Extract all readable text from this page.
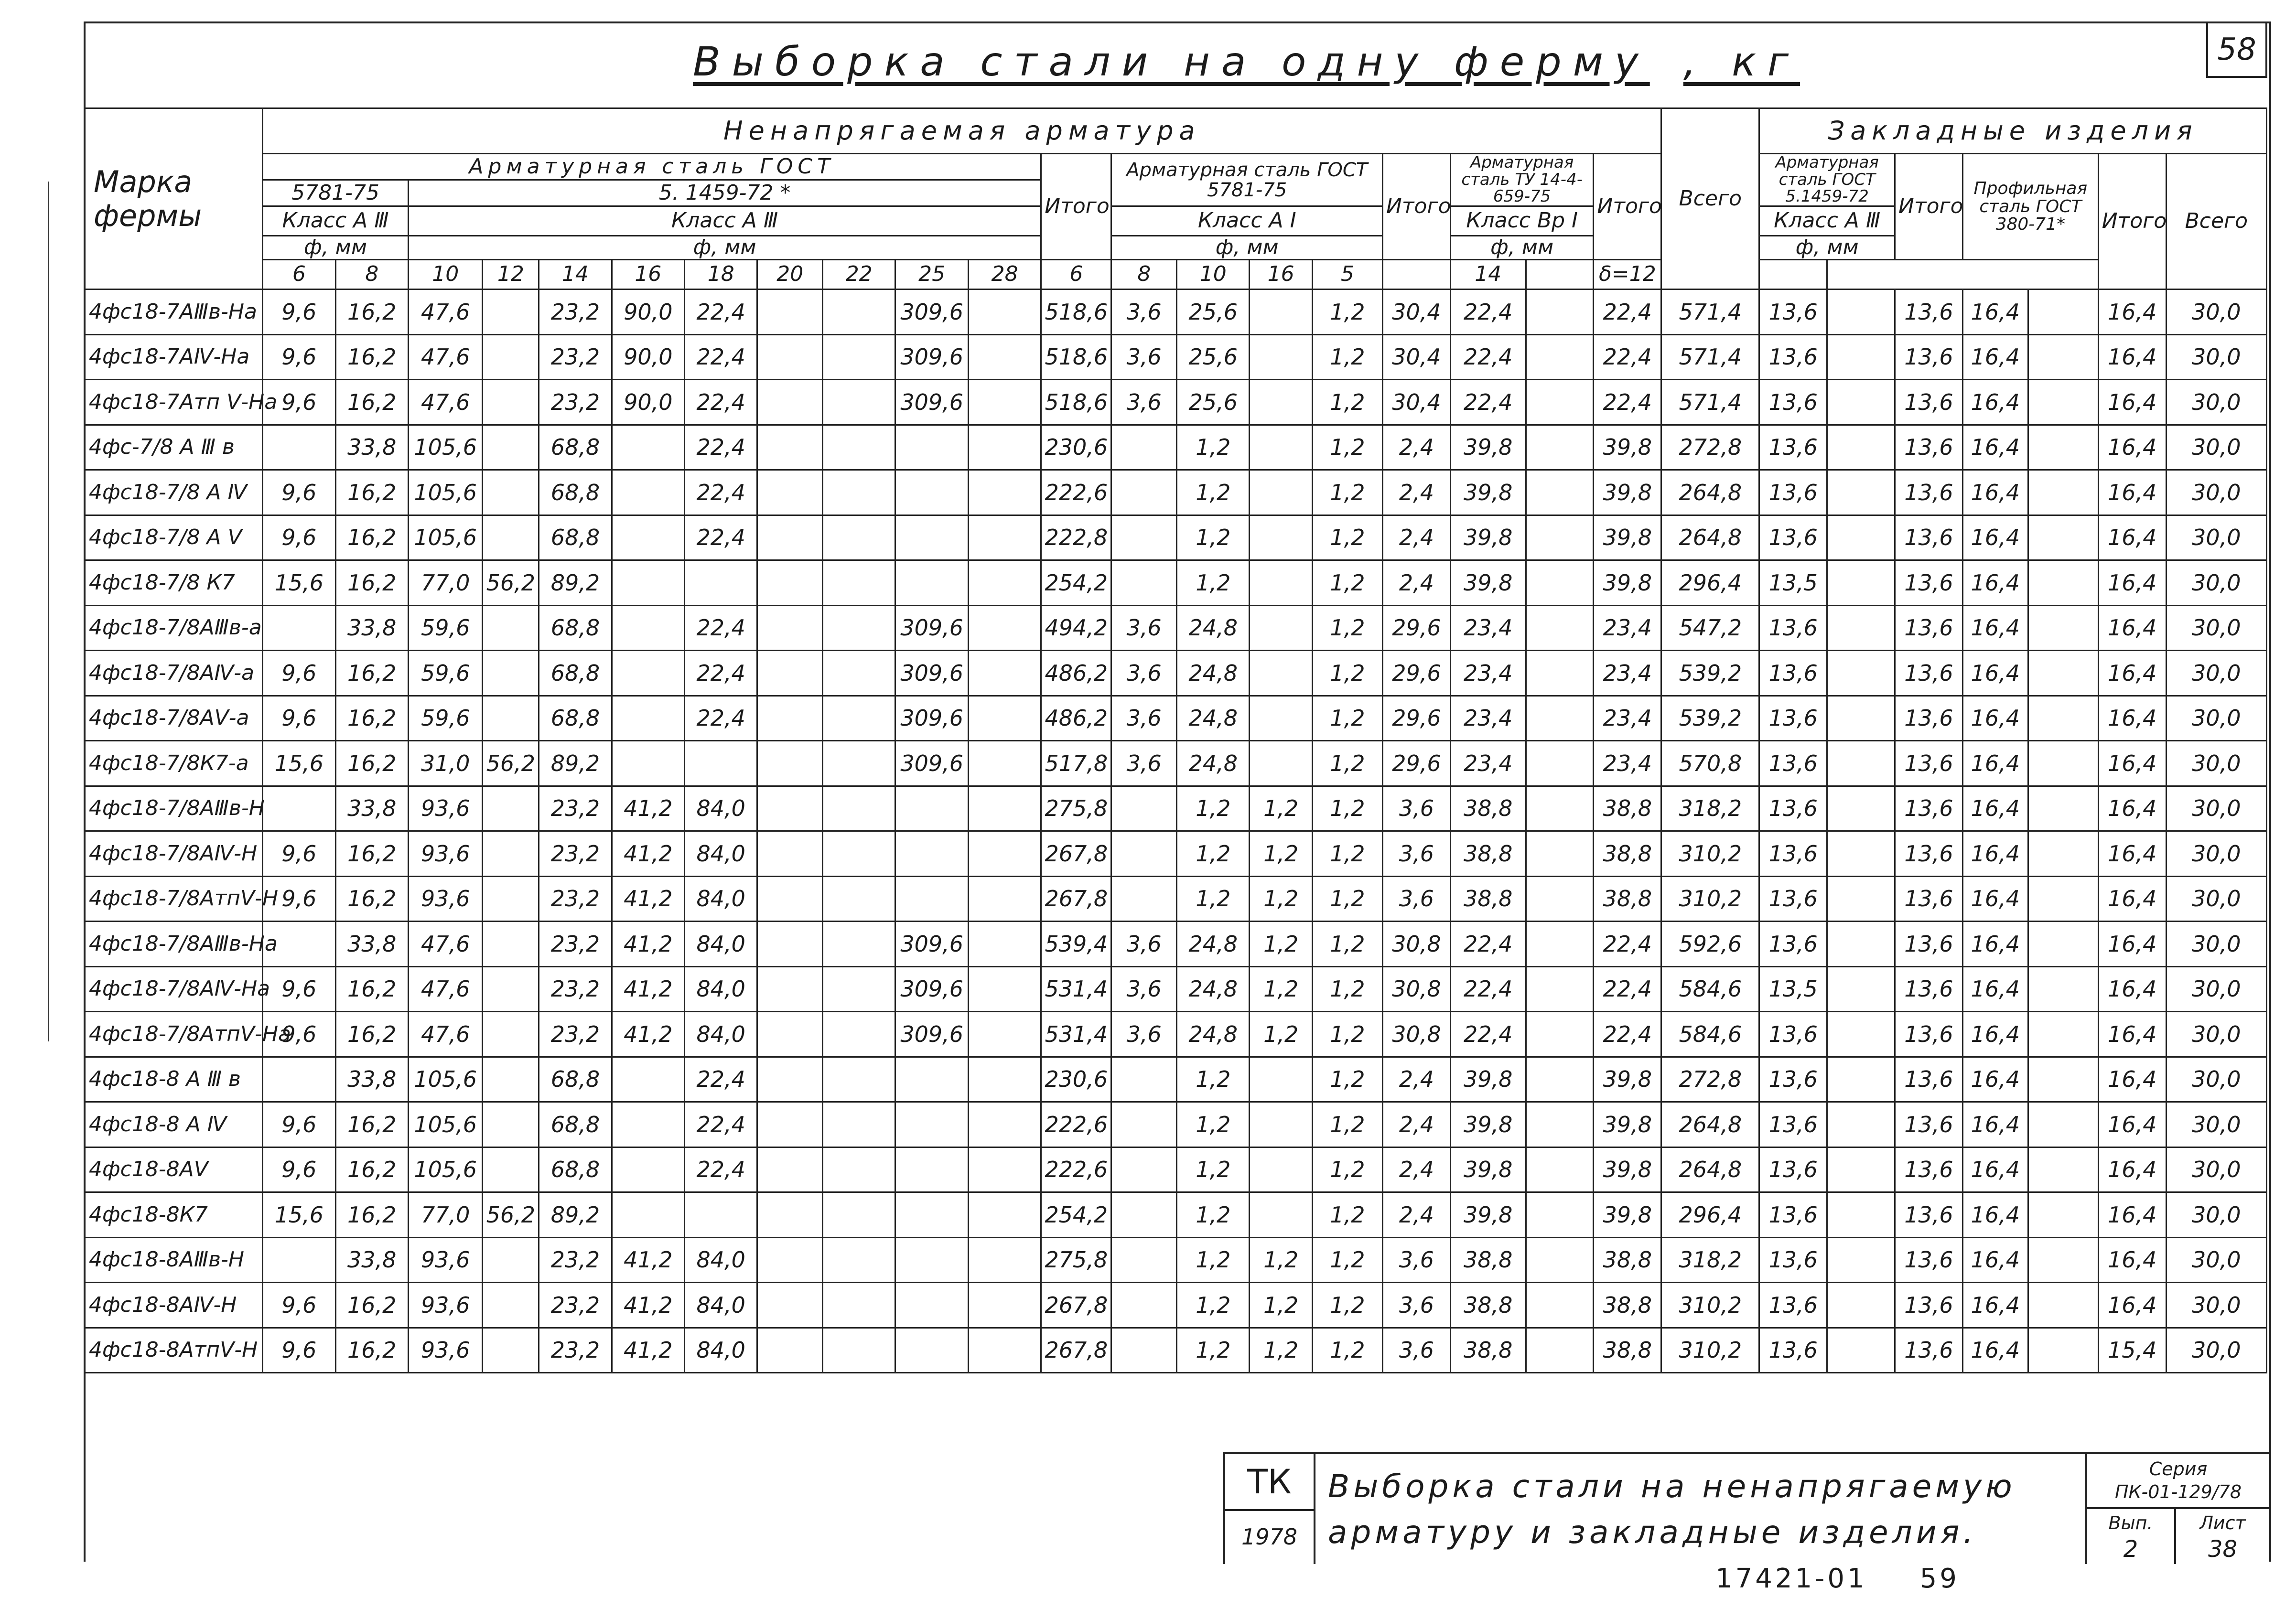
58
Выборка стали на одну ферму , кг
Марка фермы	Ненапрягаемая арматура																				Всего	Закладные изделия						
	Арматурная сталь ГОСТ											Итого	Арматурная сталь ГОСТ 5781-75				Итого	Арматурная сталь ТУ 14-4-659-75		Итого		Арматурная сталь ГОСТ 5.1459-72		Итого	Профильная сталь ГОСТ 380-71*		Итого	Всего
	5781-75		5. 1459-72 *																									
	Класс А Ⅲ		Класс А Ⅲ										Класс А Ⅰ					Класс Вр Ⅰ				Класс А Ⅲ						
	ф, мм		ф, мм										ф, мм					ф, мм				ф, мм						
	6	8	10	12	14	16	18	20	22	25	28	6	8	10	16	5		14		δ=12								
4фс18-7АⅢв-На	9,6	16,2	47,6		23,2	90,0	22,4			309,6		518,6	3,6	25,6		1,2	30,4	22,4		22,4	571,4	13,6		13,6	16,4		16,4	30,0
4фс18-7АⅣ-На	9,6	16,2	47,6		23,2	90,0	22,4			309,6		518,6	3,6	25,6		1,2	30,4	22,4		22,4	571,4	13,6		13,6	16,4		16,4	30,0
4фс18-7Атп Ⅴ-На	9,6	16,2	47,6		23,2	90,0	22,4			309,6		518,6	3,6	25,6		1,2	30,4	22,4		22,4	571,4	13,6		13,6	16,4		16,4	30,0
4фс-7/8 А Ⅲ в		33,8	105,6		68,8		22,4					230,6		1,2		1,2	2,4	39,8		39,8	272,8	13,6		13,6	16,4		16,4	30,0
4фс18-7/8 А Ⅳ	9,6	16,2	105,6		68,8		22,4					222,6		1,2		1,2	2,4	39,8		39,8	264,8	13,6		13,6	16,4		16,4	30,0
4фс18-7/8 А Ⅴ	9,6	16,2	105,6		68,8		22,4					222,8		1,2		1,2	2,4	39,8		39,8	264,8	13,6		13,6	16,4		16,4	30,0
4фс18-7/8 К7	15,6	16,2	77,0	56,2	89,2							254,2		1,2		1,2	2,4	39,8		39,8	296,4	13,5		13,6	16,4		16,4	30,0
4фс18-7/8АⅢв-а		33,8	59,6		68,8		22,4			309,6		494,2	3,6	24,8		1,2	29,6	23,4		23,4	547,2	13,6		13,6	16,4		16,4	30,0
4фс18-7/8АⅣ-а	9,6	16,2	59,6		68,8		22,4			309,6		486,2	3,6	24,8		1,2	29,6	23,4		23,4	539,2	13,6		13,6	16,4		16,4	30,0
4фс18-7/8АⅤ-а	9,6	16,2	59,6		68,8		22,4			309,6		486,2	3,6	24,8		1,2	29,6	23,4		23,4	539,2	13,6		13,6	16,4		16,4	30,0
4фс18-7/8К7-а	15,6	16,2	31,0	56,2	89,2					309,6		517,8	3,6	24,8		1,2	29,6	23,4		23,4	570,8	13,6		13,6	16,4		16,4	30,0
4фс18-7/8АⅢв-Н		33,8	93,6		23,2	41,2	84,0					275,8		1,2	1,2	1,2	3,6	38,8		38,8	318,2	13,6		13,6	16,4		16,4	30,0
4фс18-7/8АⅣ-Н	9,6	16,2	93,6		23,2	41,2	84,0					267,8		1,2	1,2	1,2	3,6	38,8		38,8	310,2	13,6		13,6	16,4		16,4	30,0
4фс18-7/8АтпⅤ-Н	9,6	16,2	93,6		23,2	41,2	84,0					267,8		1,2	1,2	1,2	3,6	38,8		38,8	310,2	13,6		13,6	16,4		16,4	30,0
4фс18-7/8АⅢв-На		33,8	47,6		23,2	41,2	84,0			309,6		539,4	3,6	24,8	1,2	1,2	30,8	22,4		22,4	592,6	13,6		13,6	16,4		16,4	30,0
4фс18-7/8АⅣ-На	9,6	16,2	47,6		23,2	41,2	84,0			309,6		531,4	3,6	24,8	1,2	1,2	30,8	22,4		22,4	584,6	13,5		13,6	16,4		16,4	30,0
4фс18-7/8АтпⅤ-На	9,6	16,2	47,6		23,2	41,2	84,0			309,6		531,4	3,6	24,8	1,2	1,2	30,8	22,4		22,4	584,6	13,6		13,6	16,4		16,4	30,0
4фс18-8 А Ⅲ в		33,8	105,6		68,8		22,4					230,6		1,2		1,2	2,4	39,8		39,8	272,8	13,6		13,6	16,4		16,4	30,0
4фс18-8 А Ⅳ	9,6	16,2	105,6		68,8		22,4					222,6		1,2		1,2	2,4	39,8		39,8	264,8	13,6		13,6	16,4		16,4	30,0
4фс18-8АⅤ	9,6	16,2	105,6		68,8		22,4					222,6		1,2		1,2	2,4	39,8		39,8	264,8	13,6		13,6	16,4		16,4	30,0
4фс18-8К7	15,6	16,2	77,0	56,2	89,2							254,2		1,2		1,2	2,4	39,8		39,8	296,4	13,6		13,6	16,4		16,4	30,0
4фс18-8АⅢв-Н		33,8	93,6		23,2	41,2	84,0					275,8		1,2	1,2	1,2	3,6	38,8		38,8	318,2	13,6		13,6	16,4		16,4	30,0
4фс18-8АⅣ-Н	9,6	16,2	93,6		23,2	41,2	84,0					267,8		1,2	1,2	1,2	3,6	38,8		38,8	310,2	13,6		13,6	16,4		16,4	30,0
4фс18-8АтпⅤ-Н	9,6	16,2	93,6		23,2	41,2	84,0					267,8		1,2	1,2	1,2	3,6	38,8		38,8	310,2	13,6		13,6	16,4		15,4	30,0
ТК
1978
Выборка стали на ненапрягаемую
арматуру и закладные изделия.
Серия
ПК-01-129/78
Вып.
2
Лист
38
17421-01 59
